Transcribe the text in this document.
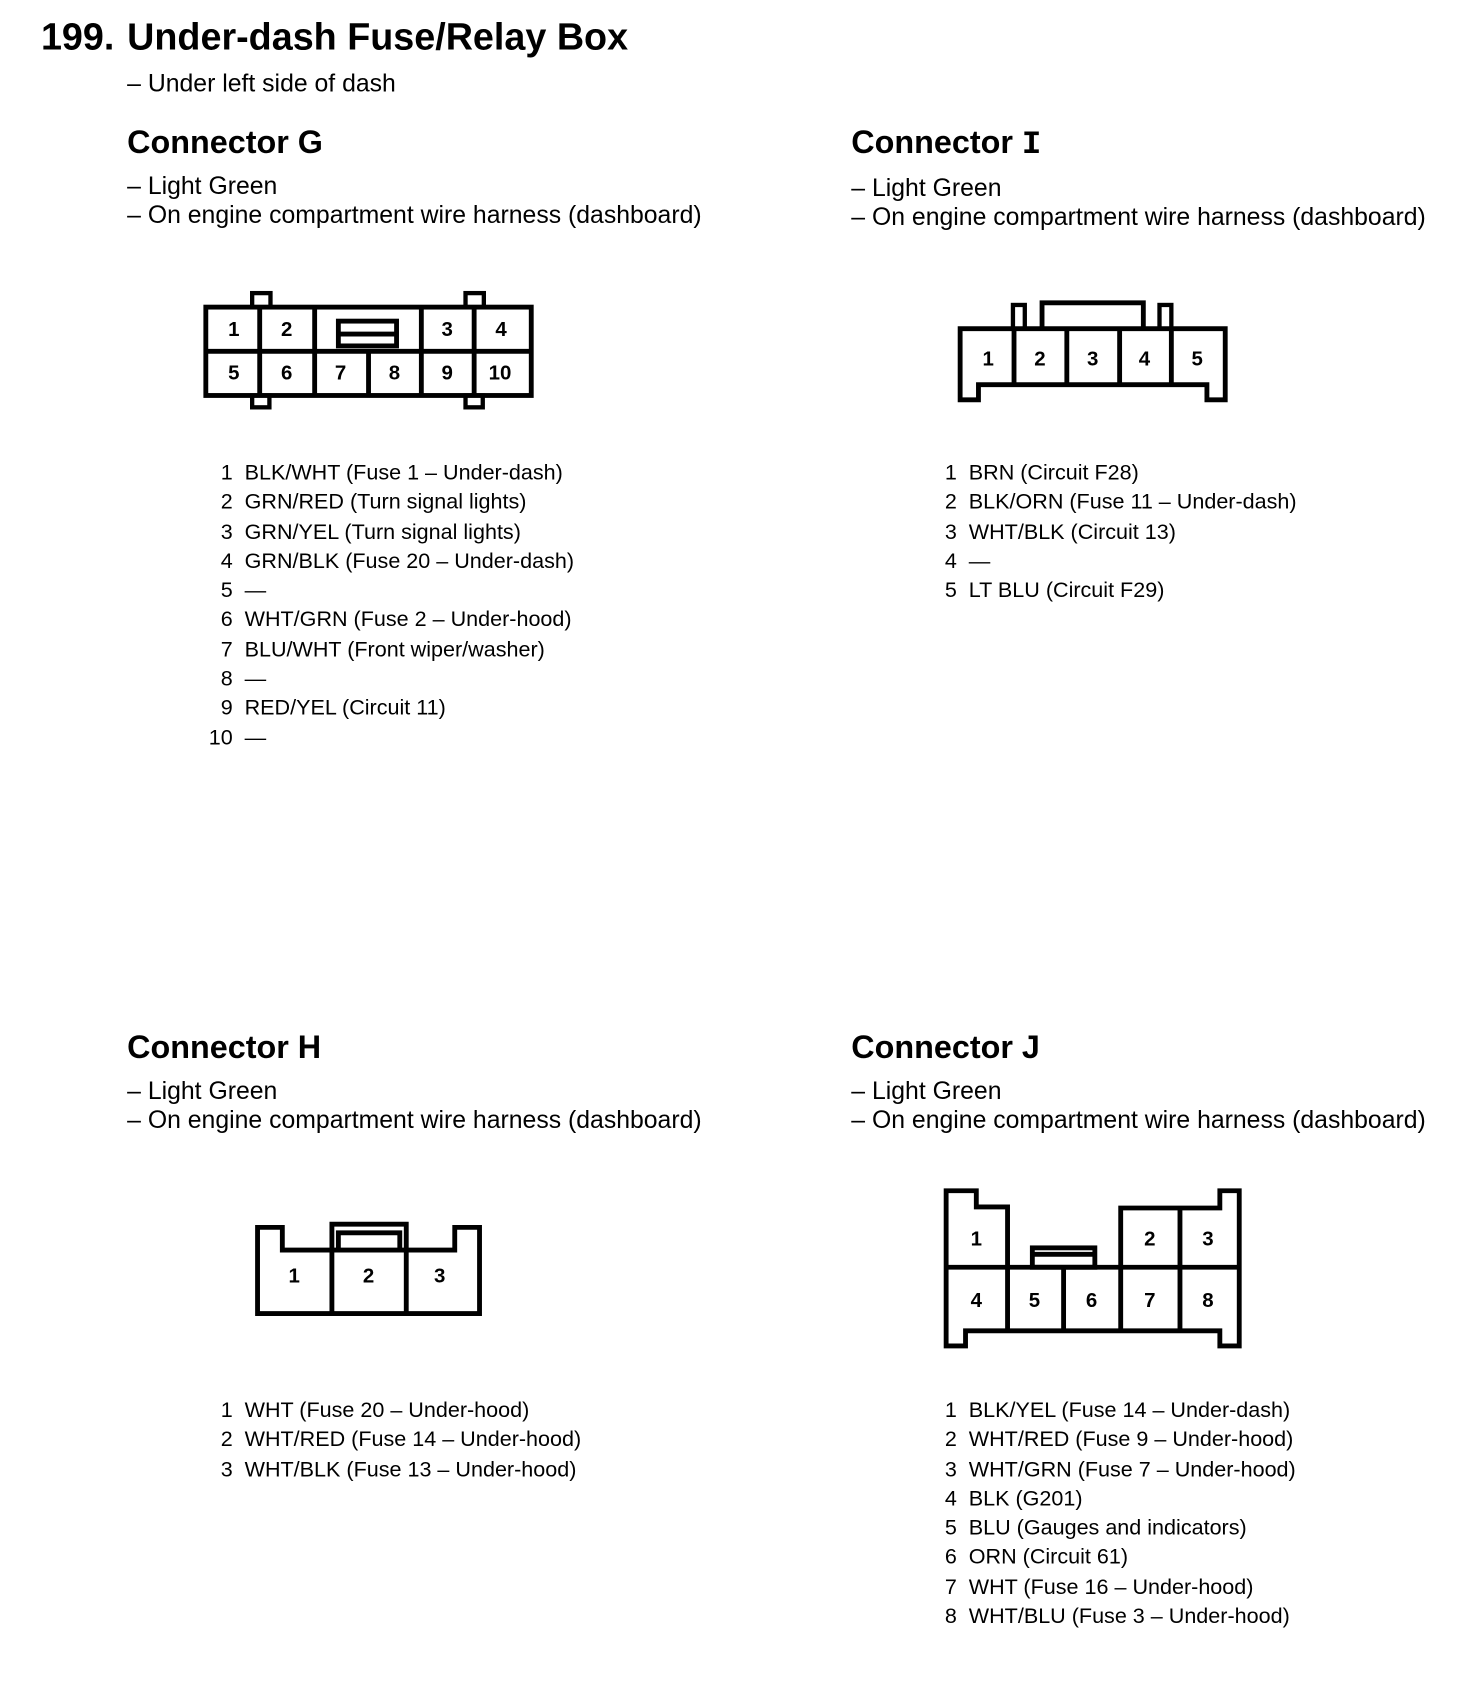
199. Under-dash Fuse/Relay Box
– Under left side of dash
Connector G
– Light Green
– On engine compartment wire harness (dashboard)
Connector I
– Light Green
– On engine compartment wire harness (dashboard)
Connector H
– Light Green
– On engine compartment wire harness (dashboard)
Connector J
– Light Green
– On engine compartment wire harness (dashboard)
1 BLK/WHT (Fuse 1 – Under-dash)
2 GRN/RED (Turn signal lights)
3 GRN/YEL (Turn signal lights)
4 GRN/BLK (Fuse 20 – Under-dash)
5 —
6 WHT/GRN (Fuse 2 – Under-hood)
7 BLU/WHT (Front wiper/washer)
8 —
9 RED/YEL (Circuit 11)
10 —
1 BRN (Circuit F28)
2 BLK/ORN (Fuse 11 – Under-dash)
3 WHT/BLK (Circuit 13)
4 —
5 LT BLU (Circuit F29)
1 WHT (Fuse 20 – Under-hood)
2 WHT/RED (Fuse 14 – Under-hood)
3 WHT/BLK (Fuse 13 – Under-hood)
1 BLK/YEL (Fuse 14 – Under-dash)
2 WHT/RED (Fuse 9 – Under-hood)
3 WHT/GRN (Fuse 7 – Under-hood)
4 BLK (G201)
5 BLU (Gauges and indicators)
6 ORN (Circuit 61)
7 WHT (Fuse 16 – Under-hood)
8 WHT/BLU (Fuse 3 – Under-hood)
1 2	3 4
5 6 7 8 9 10
1 2 3 4 5
1	2	3
1	2 3
4 5 6 7 8
